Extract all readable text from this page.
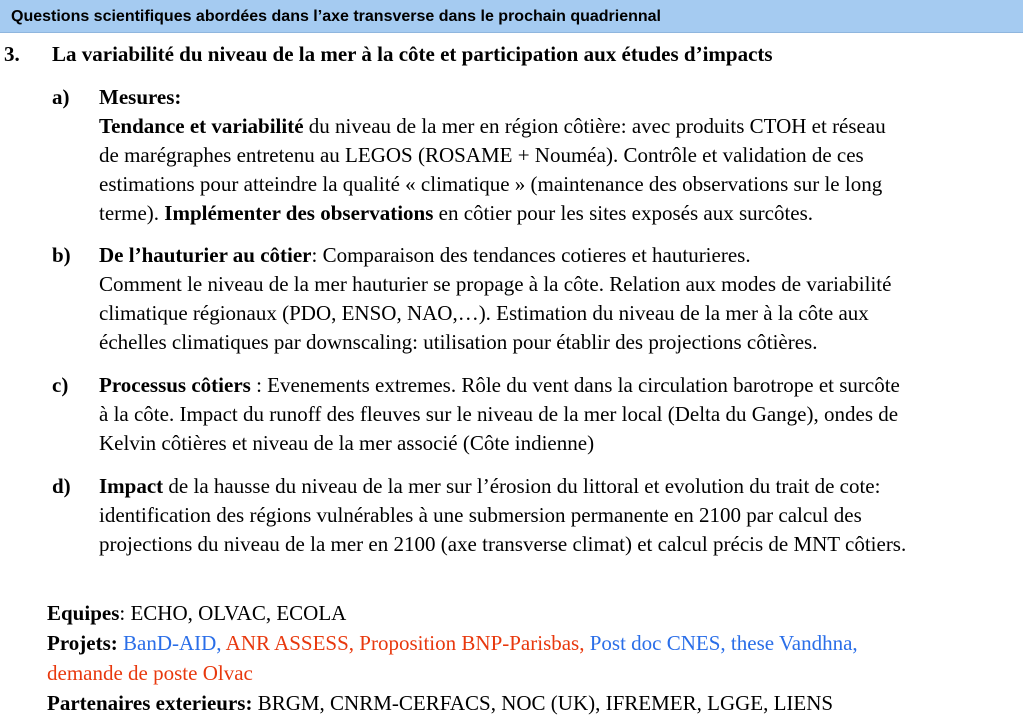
Questions scientifiques abordées dans l’axe transverse dans le prochain quadriennal
3. La variabilité du niveau de la mer à la côte et participation aux études d’impacts
a) Mesures:
Tendance et variabilité du niveau de la mer en région côtière: avec produits CTOH et réseau
de marégraphes entretenu au LEGOS (ROSAME + Nouméa). Contrôle et validation de ces
estimations pour atteindre la qualité « climatique » (maintenance des observations sur le long
terme). Implémenter des observations en côtier pour les sites exposés aux surcôtes.
b) De l’hauturier au côtier: Comparaison des tendances cotieres et hauturieres.
Comment le niveau de la mer hauturier se propage à la côte. Relation aux modes de variabilité
climatique régionaux (PDO, ENSO, NAO,…). Estimation du niveau de la mer à la côte aux
échelles climatiques par downscaling: utilisation pour établir des projections côtières.
c) Processus côtiers : Evenements extremes. Rôle du vent dans la circulation barotrope et surcôte
à la côte. Impact du runoff des fleuves sur le niveau de la mer local (Delta du Gange), ondes de
Kelvin côtières et niveau de la mer associé (Côte indienne)
d) Impact de la hausse du niveau de la mer sur l’érosion du littoral et evolution du trait de cote:
identification des régions vulnérables à une submersion permanente en 2100 par calcul des
projections du niveau de la mer en 2100 (axe transverse climat) et calcul précis de MNT côtiers.
Equipes: ECHO, OLVAC, ECOLA
Projets: BanD-AID, ANR ASSESS, Proposition BNP-Parisbas, Post doc CNES, these Vandhna,
demande de poste Olvac
Partenaires exterieurs: BRGM, CNRM-CERFACS, NOC (UK), IFREMER, LGGE, LIENS
